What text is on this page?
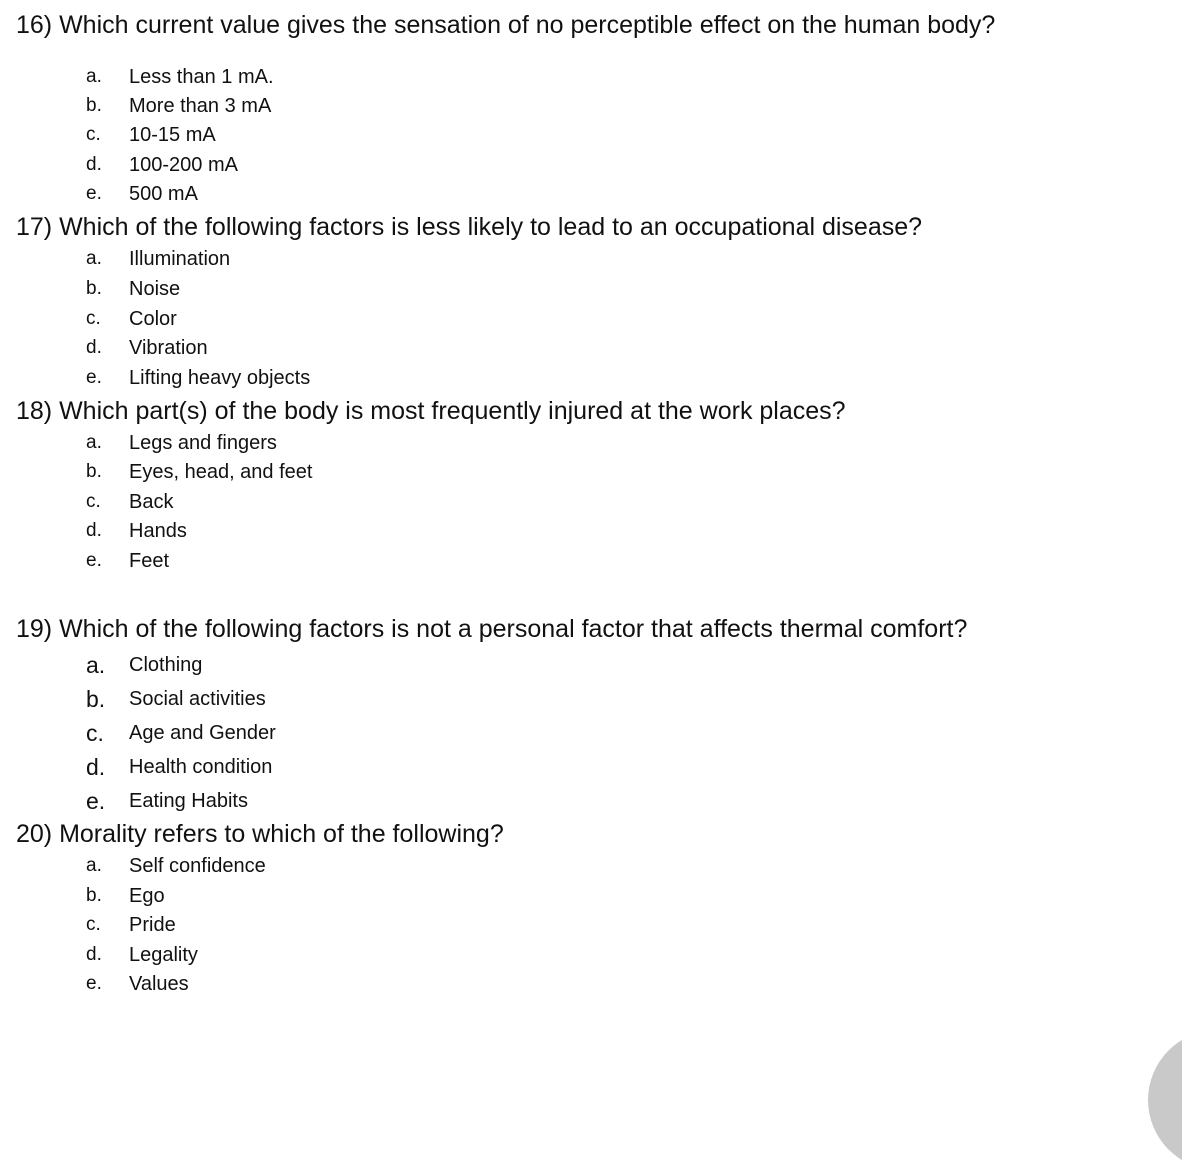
16) Which current value gives the sensation of no perceptible effect on the human body?
a. Less than 1 mA.
b. More than 3 mA
c. 10-15 mA
d. 100-200 mA
e. 500 mA
17) Which of the following factors is less likely to lead to an occupational disease?
a. Illumination
b. Noise
c. Color
d. Vibration
e. Lifting heavy objects
18) Which part(s) of the body is most frequently injured at the work places?
a. Legs and fingers
b. Eyes, head, and feet
c. Back
d. Hands
e. Feet
19) Which of the following factors is not a personal factor that affects thermal comfort?
a. Clothing
b. Social activities
c. Age and Gender
d. Health condition
e. Eating Habits
20) Morality refers to which of the following?
a. Self confidence
b. Ego
c. Pride
d. Legality
e. Values
